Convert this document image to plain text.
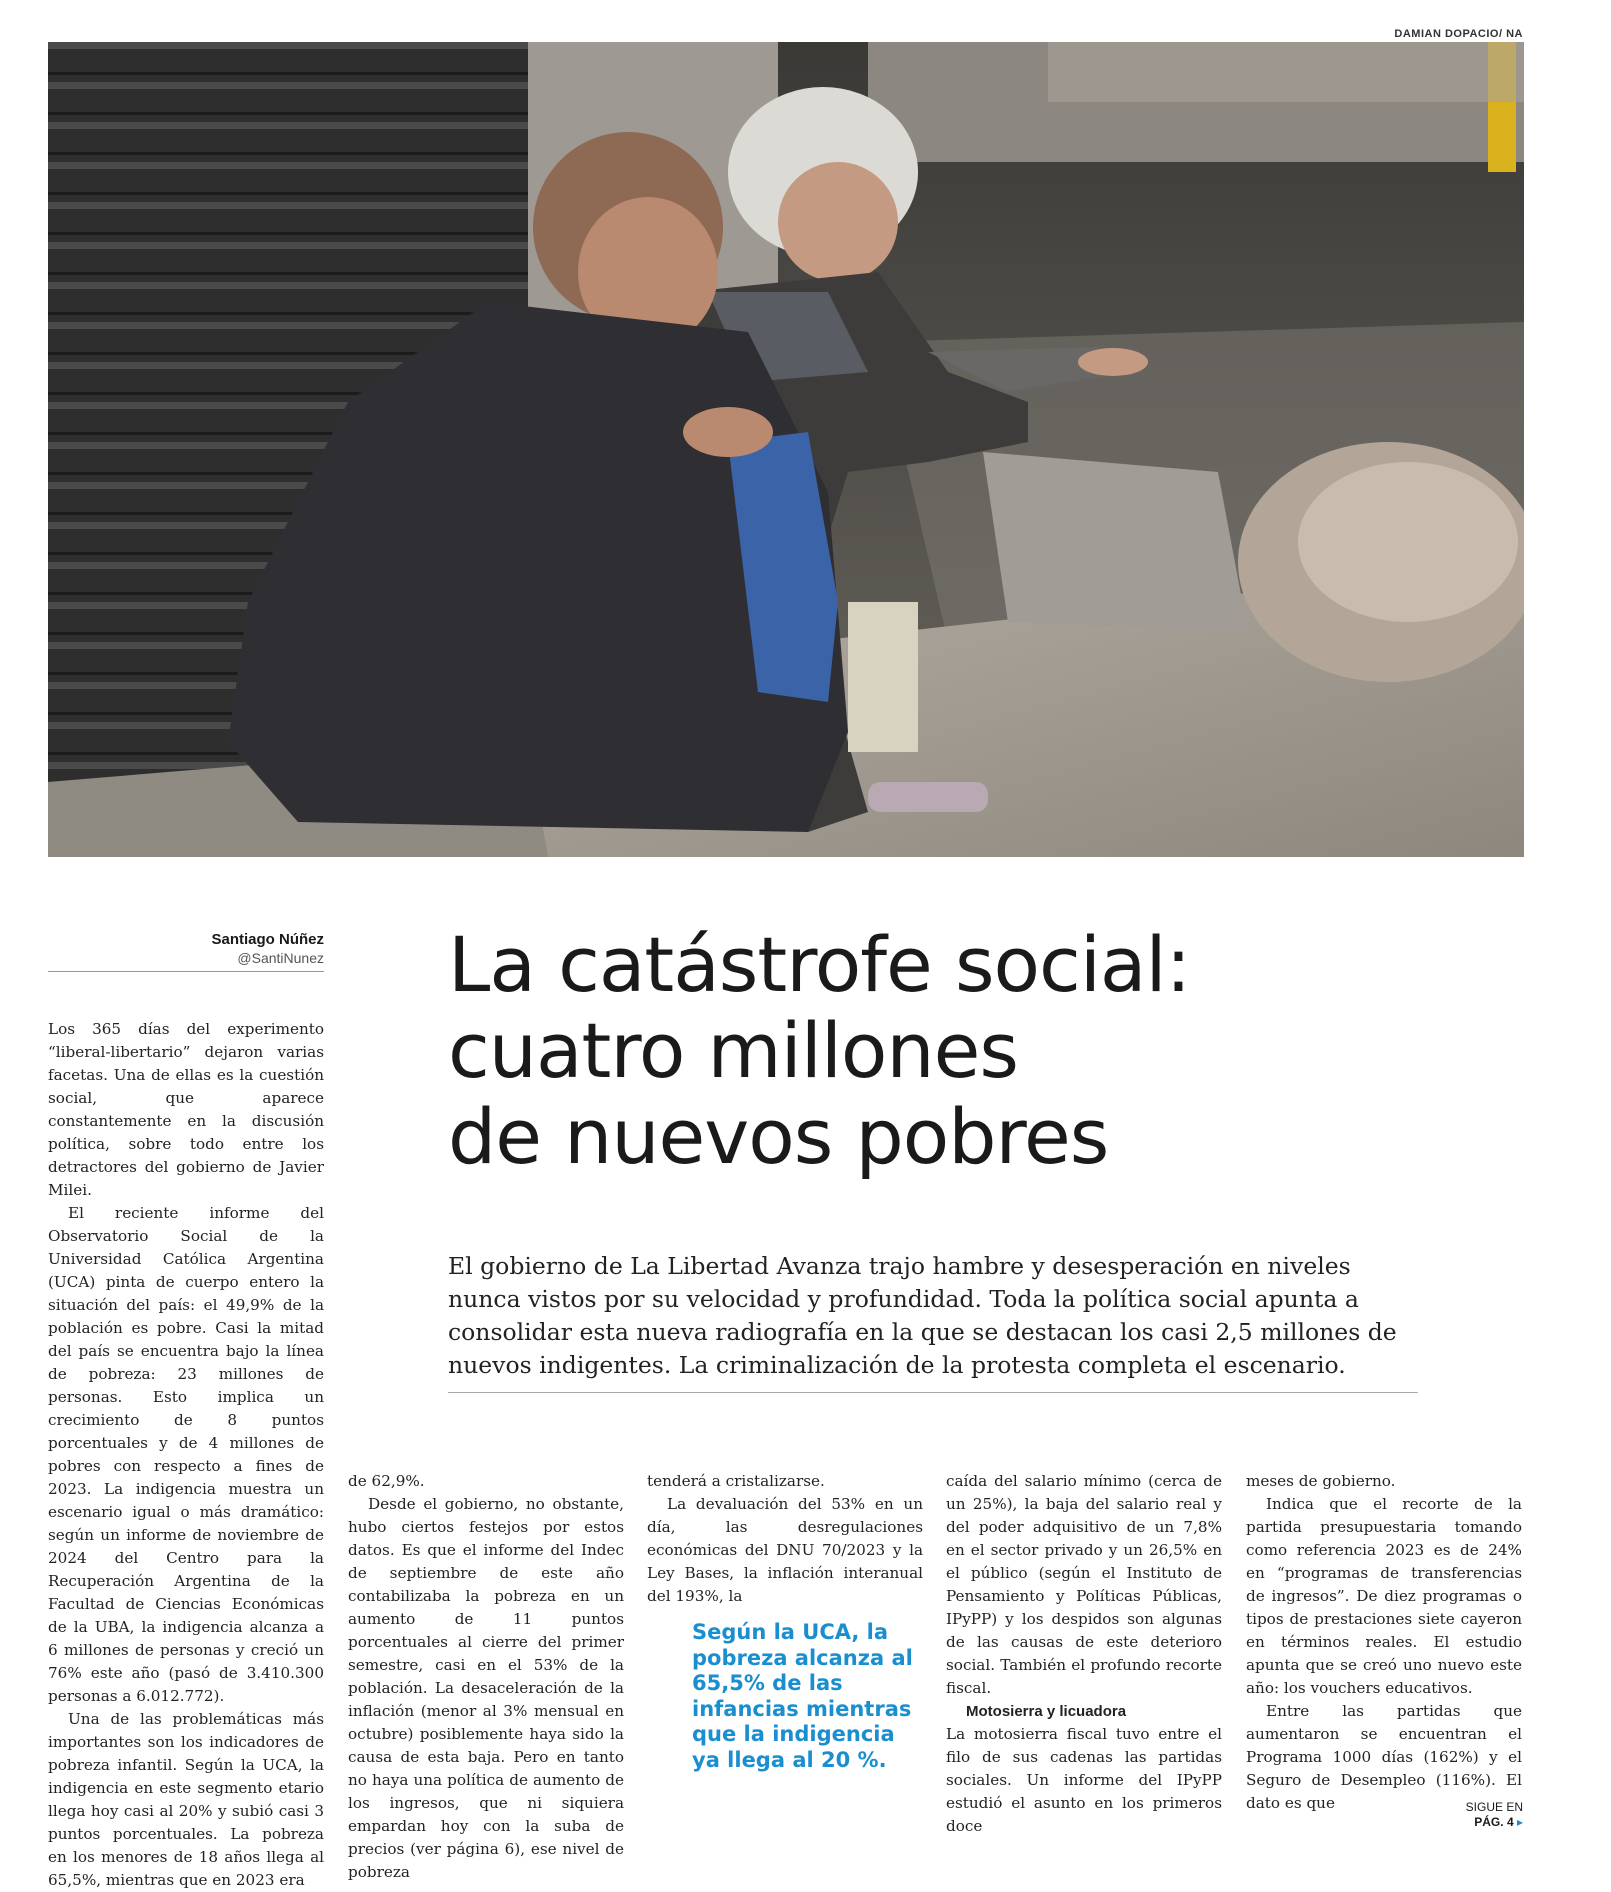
DAMIAN DOPACIO/ NA
Santiago Núñez
@SantiNunez La catástrofe social:
cuatro millones
de nuevos pobres

El gobierno de La Libertad Avanza trajo hambre y desesperación en niveles nunca vistos por su velocidad y profundidad. Toda la política social apunta a consolidar esta nueva radiografía en la que se destacan los casi 2,5 millones de nuevos indigentes. La criminalización de la protesta completa el escenario.

Los 365 días del experimento “liberal-libertario” dejaron varias facetas. Una de ellas es la cuestión social, que aparece constantemente en la discusión política, sobre todo entre los detractores del gobierno de Javier Milei.

El reciente informe del Observatorio Social de la Universidad Católica Argentina (UCA) pinta de cuerpo entero la situación del país: el 49,9% de la población es pobre. Casi la mitad del país se encuentra bajo la línea de pobreza: 23 millones de personas. Esto implica un crecimiento de 8 puntos porcentuales y de 4 millones de pobres con respecto a fines de 2023. La indigencia muestra un escenario igual o más dramático: según un informe de noviembre de 2024 del Centro para la Recuperación Argentina de la Facultad de Ciencias Económicas de la UBA, la indigencia alcanza a 6 millones de personas y creció un 76% este año (pasó de 3.410.300 personas a 6.012.772).

Una de las problemáticas más importantes son los indicadores de pobreza infantil. Según la UCA, la indigencia en este segmento etario llega hoy casi al 20% y subió casi 3 puntos porcentuales. La pobreza en los menores de 18 años llega al 65,5%, mientras que en 2023 era

de 62,9%.

Desde el gobierno, no obstante, hubo ciertos festejos por estos datos. Es que el informe del Indec de septiembre de este año contabilizaba la pobreza en un aumento de 11 puntos porcentuales al cierre del primer semestre, casi en el 53% de la población. La desaceleración de la inflación (menor al 3% mensual en octubre) posiblemente haya sido la causa de esta baja. Pero en tanto no haya una política de aumento de los ingresos, que ni siquiera empardan hoy con la suba de precios (ver página 6), ese nivel de pobreza

tenderá a cristalizarse.

La devaluación del 53% en un día, las desregulaciones económicas del DNU 70/2023 y la Ley Bases, la inflación interanual del 193%, la

Según la UCA, la pobreza alcanza al 65,5% de las infancias mientras que la indigencia ya llega al 20 %.

caída del salario mínimo (cerca de un 25%), la baja del salario real y del poder adquisitivo de un 7,8% en el sector privado y un 26,5% en el público (según el Instituto de Pensamiento y Políticas Públicas, IPyPP) y los despidos son algunas de las causas de este deterioro social. También el profundo recorte fiscal.

Motosierra y licuadora

La motosierra fiscal tuvo entre el filo de sus cadenas las partidas sociales. Un informe del IPyPP estudió el asunto en los primeros doce

meses de gobierno.

Indica que el recorte de la partida presupuestaria tomando como referencia 2023 es de 24% en “programas de transferencias de ingresos”. De diez programas o tipos de prestaciones siete cayeron en términos reales. El estudio apunta que se creó uno nuevo este año: los vouchers educativos.

Entre las partidas que aumentaron se encuentran el Programa 1000 días (162%) y el Seguro de Desempleo (116%). El dato es que	SIGUE EN
PÁG. 4 ▸
